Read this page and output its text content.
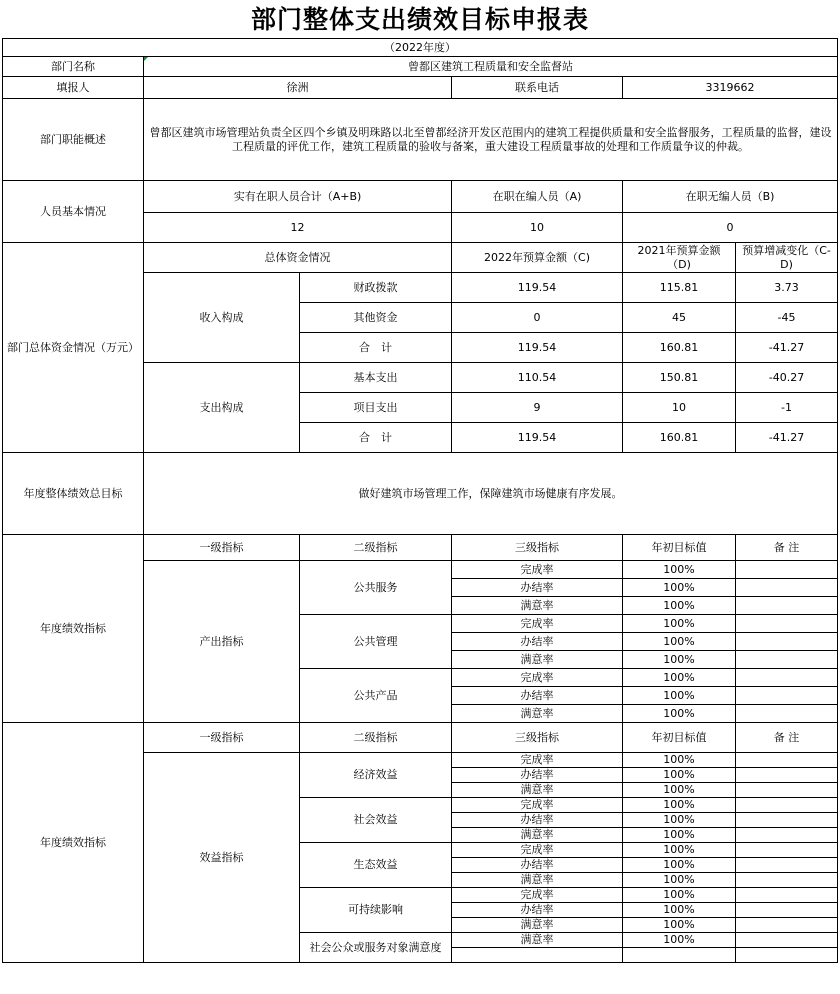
部门整体支出绩效目标申报表
（2022年度）					
部门名称	曾都区建筑工程质量和安全监督站				
填报人	徐洲		联系电话	3319662	
部门职能概述	曾都区建筑市场管理站负责全区四个乡镇及明珠路以北至曾都经济开发区范围内的建筑工程提供质量和安全监督服务，工程质量的监督，建设工程质量的评优工作，建筑工程质量的验收与备案，重大建设工程质量事故的处理和工作质量争议的仲裁。				
人员基本情况	实有在职人员合计（A+B)		在职在编人员（A)	在职无编人员（B)	
	12		10	0	
部门总体资金情况（万元）	总体资金情况		2022年预算金额（C)	2021年预算金额（D)	预算增减变化（C-D)
	收入构成	财政拨款	119.54	115.81	3.73
		其他资金	0	45	-45
		合　计	119.54	160.81	-41.27
	支出构成	基本支出	110.54	150.81	-40.27
		项目支出	9	10	-1
		合　计	119.54	160.81	-41.27
年度整体绩效总目标	做好建筑市场管理工作，保障建筑市场健康有序发展。				
年度绩效指标	一级指标	二级指标	三级指标	年初目标值	备 注
	产出指标	公共服务	完成率	100%	
			办结率	100%	
			满意率	100%	
		公共管理	完成率	100%	
			办结率	100%	
			满意率	100%	
		公共产品	完成率	100%	
			办结率	100%	
			满意率	100%	
年度绩效指标	一级指标	二级指标	三级指标	年初目标值	备 注
	效益指标	经济效益	完成率	100%	
			办结率	100%	
			满意率	100%	
		社会效益	完成率	100%	
			办结率	100%	
			满意率	100%	
		生态效益	完成率	100%	
			办结率	100%	
			满意率	100%	
		可持续影响	完成率	100%	
			办结率	100%	
			满意率	100%	
		社会公众或服务对象满意度	满意率	100%	
